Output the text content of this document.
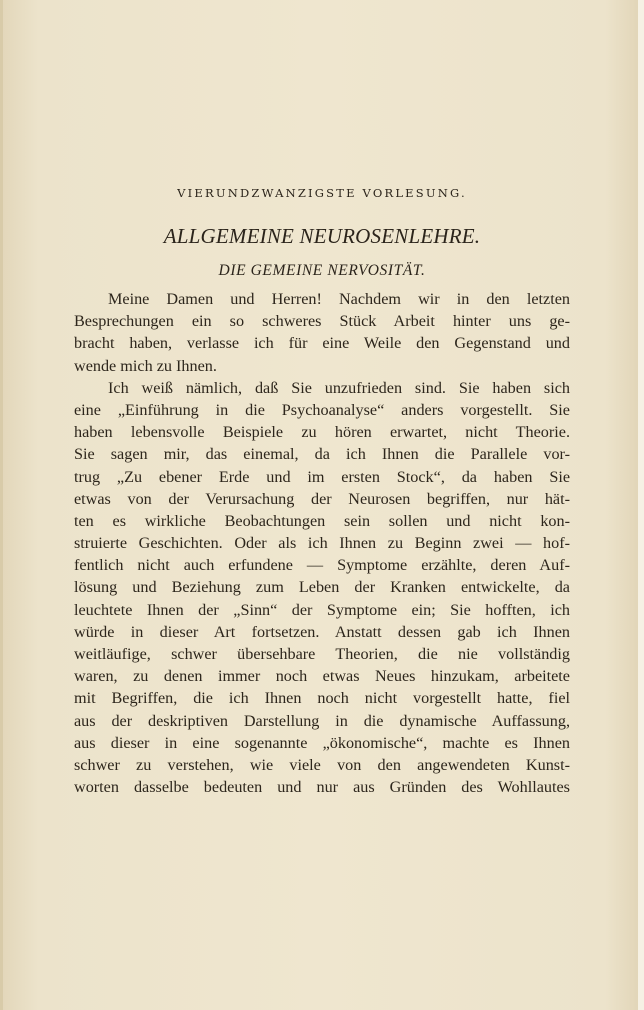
VIERUNDZWANZIGSTE VORLESUNG.
ALLGEMEINE NEUROSENLEHRE.
DIE GEMEINE NERVOSITÄT.
Meine Damen und Herren! Nachdem wir in den letzten
Besprechungen ein so schweres Stück Arbeit hinter uns ge-
bracht haben, verlasse ich für eine Weile den Gegenstand und
wende mich zu Ihnen.
Ich weiß nämlich, daß Sie unzufrieden sind. Sie haben sich
eine „Einführung in die Psychoanalyse“ anders vorgestellt. Sie
haben lebensvolle Beispiele zu hören erwartet, nicht Theorie.
Sie sagen mir, das einemal, da ich Ihnen die Parallele vor-
trug „Zu ebener Erde und im ersten Stock“, da haben Sie
etwas von der Verursachung der Neurosen begriffen, nur hät-
ten es wirkliche Beobachtungen sein sollen und nicht kon-
struierte Geschichten. Oder als ich Ihnen zu Beginn zwei — hof-
fentlich nicht auch erfundene — Symptome erzählte, deren Auf-
lösung und Beziehung zum Leben der Kranken entwickelte, da
leuchtete Ihnen der „Sinn“ der Symptome ein; Sie hofften, ich
würde in dieser Art fortsetzen. Anstatt dessen gab ich Ihnen
weitläufige, schwer übersehbare Theorien, die nie vollständig
waren, zu denen immer noch etwas Neues hinzukam, arbeitete
mit Begriffen, die ich Ihnen noch nicht vorgestellt hatte, fiel
aus der deskriptiven Darstellung in die dynamische Auffassung,
aus dieser in eine sogenannte „ökonomische“, machte es Ihnen
schwer zu verstehen, wie viele von den angewendeten Kunst-
worten dasselbe bedeuten und nur aus Gründen des Wohllautes
